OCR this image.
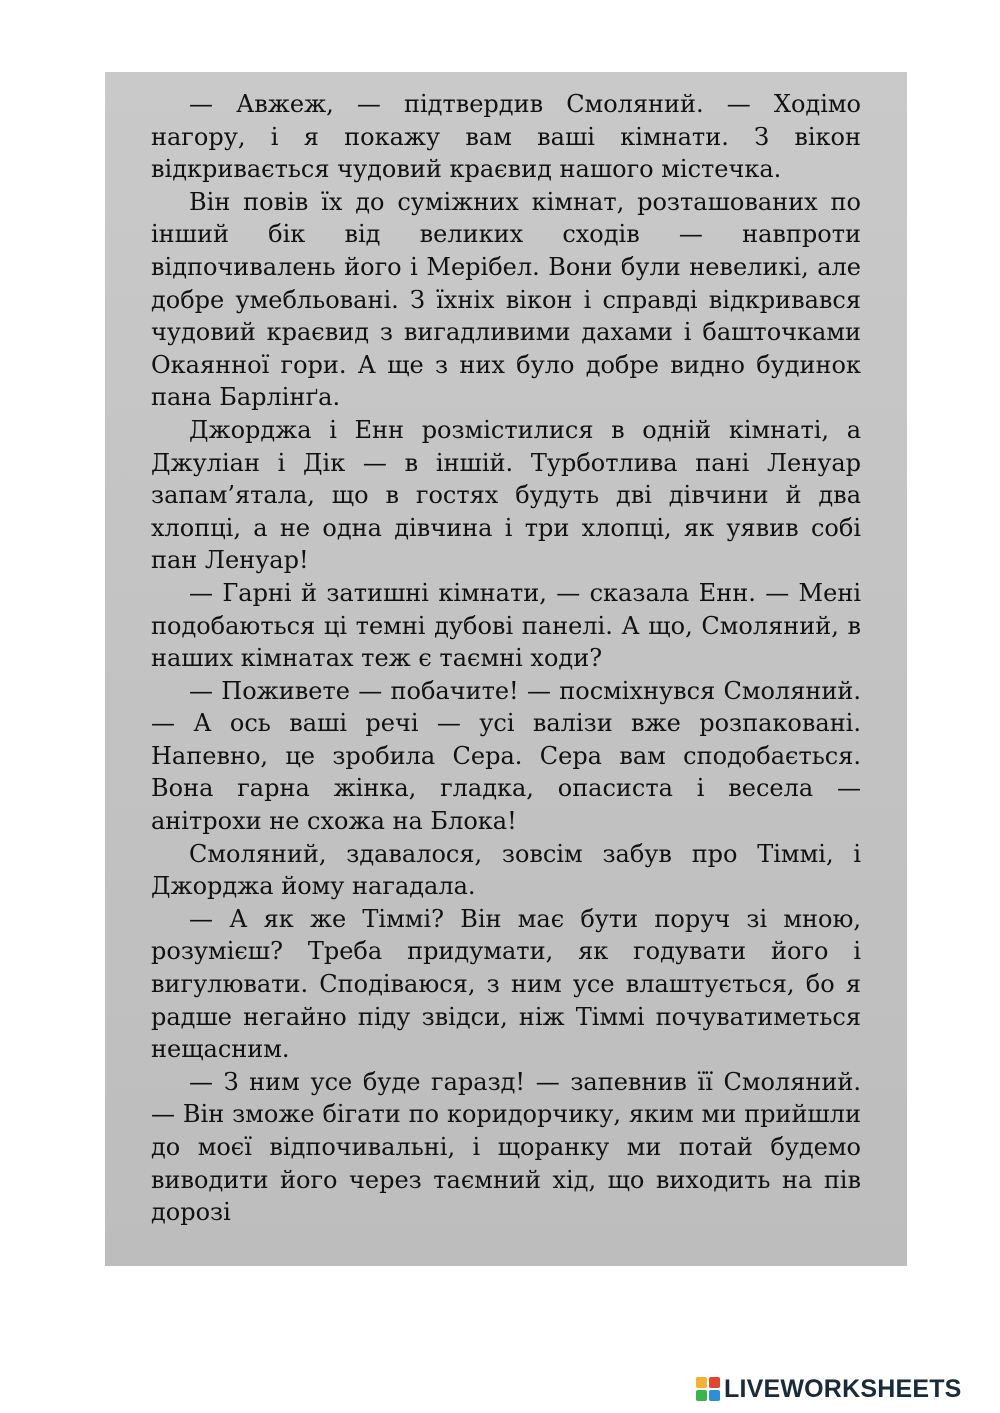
— Авжеж, — підтвердив Смоляний. — Ходімо нагору, і я покажу вам ваші кімнати. З вікон відкривається чудовий краєвид нашого містечка.

Він повів їх до суміжних кімнат, розташованих по інший бік від великих сходів — навпроти відпочивалень його і Мерібел. Вони були невеликі, але добре умебльовані. З їхніх вікон і справді відкривався чудовий краєвид з вигадливими дахами і башточками Окаянної гори. А ще з них було добре видно будинок пана Барлінґа.

Джорджа і Енн розмістилися в одній кімнаті, а Джуліан і Дік — в іншій. Турботлива пані Ленуар запам’ятала, що в гостях будуть дві дівчини й два хлопці, а не одна дівчина і три хлопці, як уявив собі пан Ленуар!

— Гарні й затишні кімнати, — сказала Енн. — Мені подобаються ці темні дубові панелі. А що, Смоляний, в наших кімнатах теж є таємні ходи?

— Поживете — побачите! — посміхнувся Смоляний. — А ось ваші речі — усі валізи вже розпаковані. Напевно, це зробила Сера. Сера вам сподобається. Вона гарна жінка, гладка, опасиста і весела — анітрохи не схожа на Блока!

Смоляний, здавалося, зовсім забув про Тіммі, і Джорджа йому нагадала.

— А як же Тіммі? Він має бути поруч зі мною, розумієш? Треба придумати, як годувати його і вигулювати. Сподіваюся, з ним усе влаштується, бо я радше негайно піду звідси, ніж Тіммі почуватиметься нещасним.

— З ним усе буде гаразд! — запевнив її Смоляний. — Він зможе бігати по коридорчику, яким ми прийшли до моєї відпочивальні, і щоранку ми потай будемо виводити його через таємний хід, що виходить на пів дорозі

LIVEWORKSHEETS
